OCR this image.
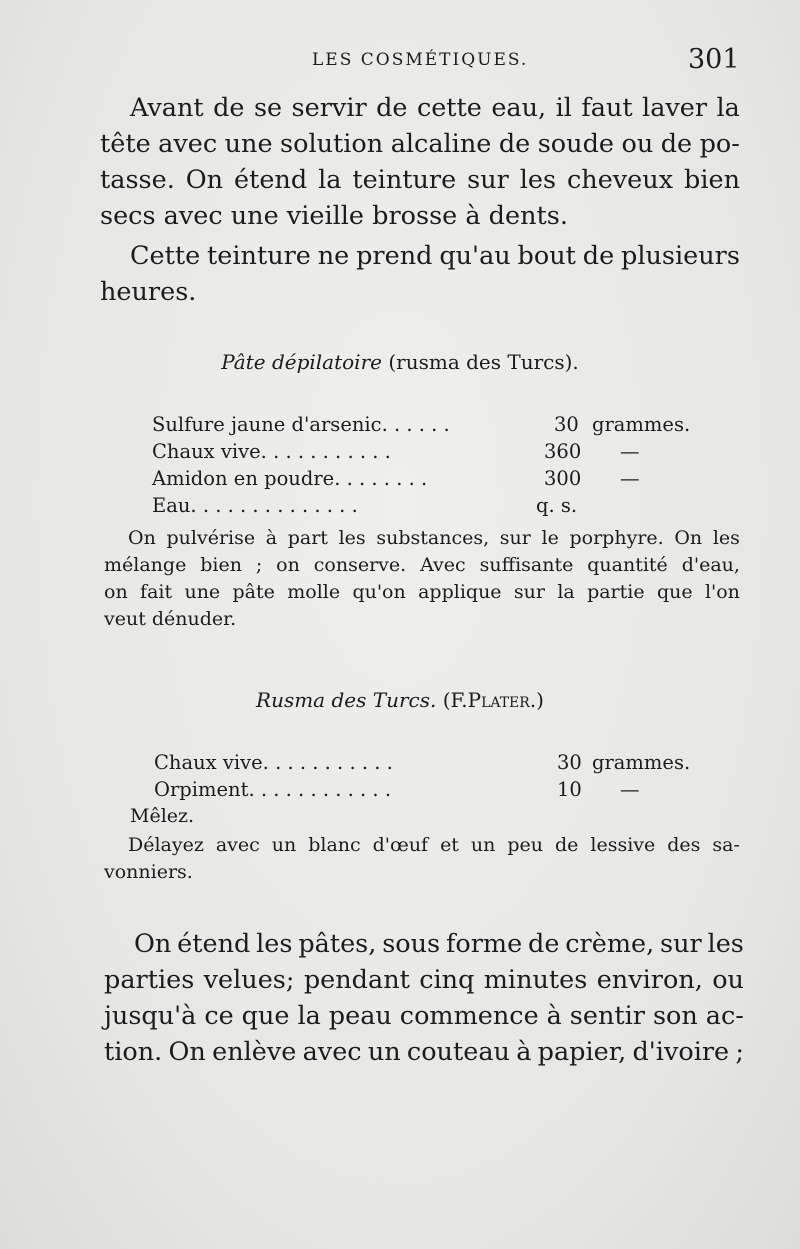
LES COSMÉTIQUES.	301
Avant de se servir de cette eau, il faut laver la
tête avec une solution alcaline de soude ou de po-
tasse. On étend la teinture sur les cheveux bien
secs avec une vieille brosse à dents.
Cette teinture ne prend qu'au bout de plusieurs
heures.
Pâte dépilatoire (rusma des Turcs).
Sulfure jaune d'arsenic. . . . . .	30 grammes.
Chaux vive. . . . . . . . . . .	360 —
Amidon en poudre. . . . . . . .	300 —
Eau. . . . . . . . . . . . . .	q. s.
On pulvérise à part les substances, sur le porphyre. On les
mélange bien ; on conserve. Avec suffisante quantité d'eau,
on fait une pâte molle qu'on applique sur la partie que l'on
veut dénuder.
Rusma des Turcs. (F.Plater.)
Chaux vive. . . . . . . . . . .	30 grammes.
Orpiment. . . . . . . . . . . .	10 —
Mêlez.
Délayez avec un blanc d'œuf et un peu de lessive des sa-
vonniers.
On étend les pâtes, sous forme de crème, sur les
parties velues; pendant cinq minutes environ, ou
jusqu'à ce que la peau commence à sentir son ac-
tion. On enlève avec un couteau à papier, d'ivoire ;
